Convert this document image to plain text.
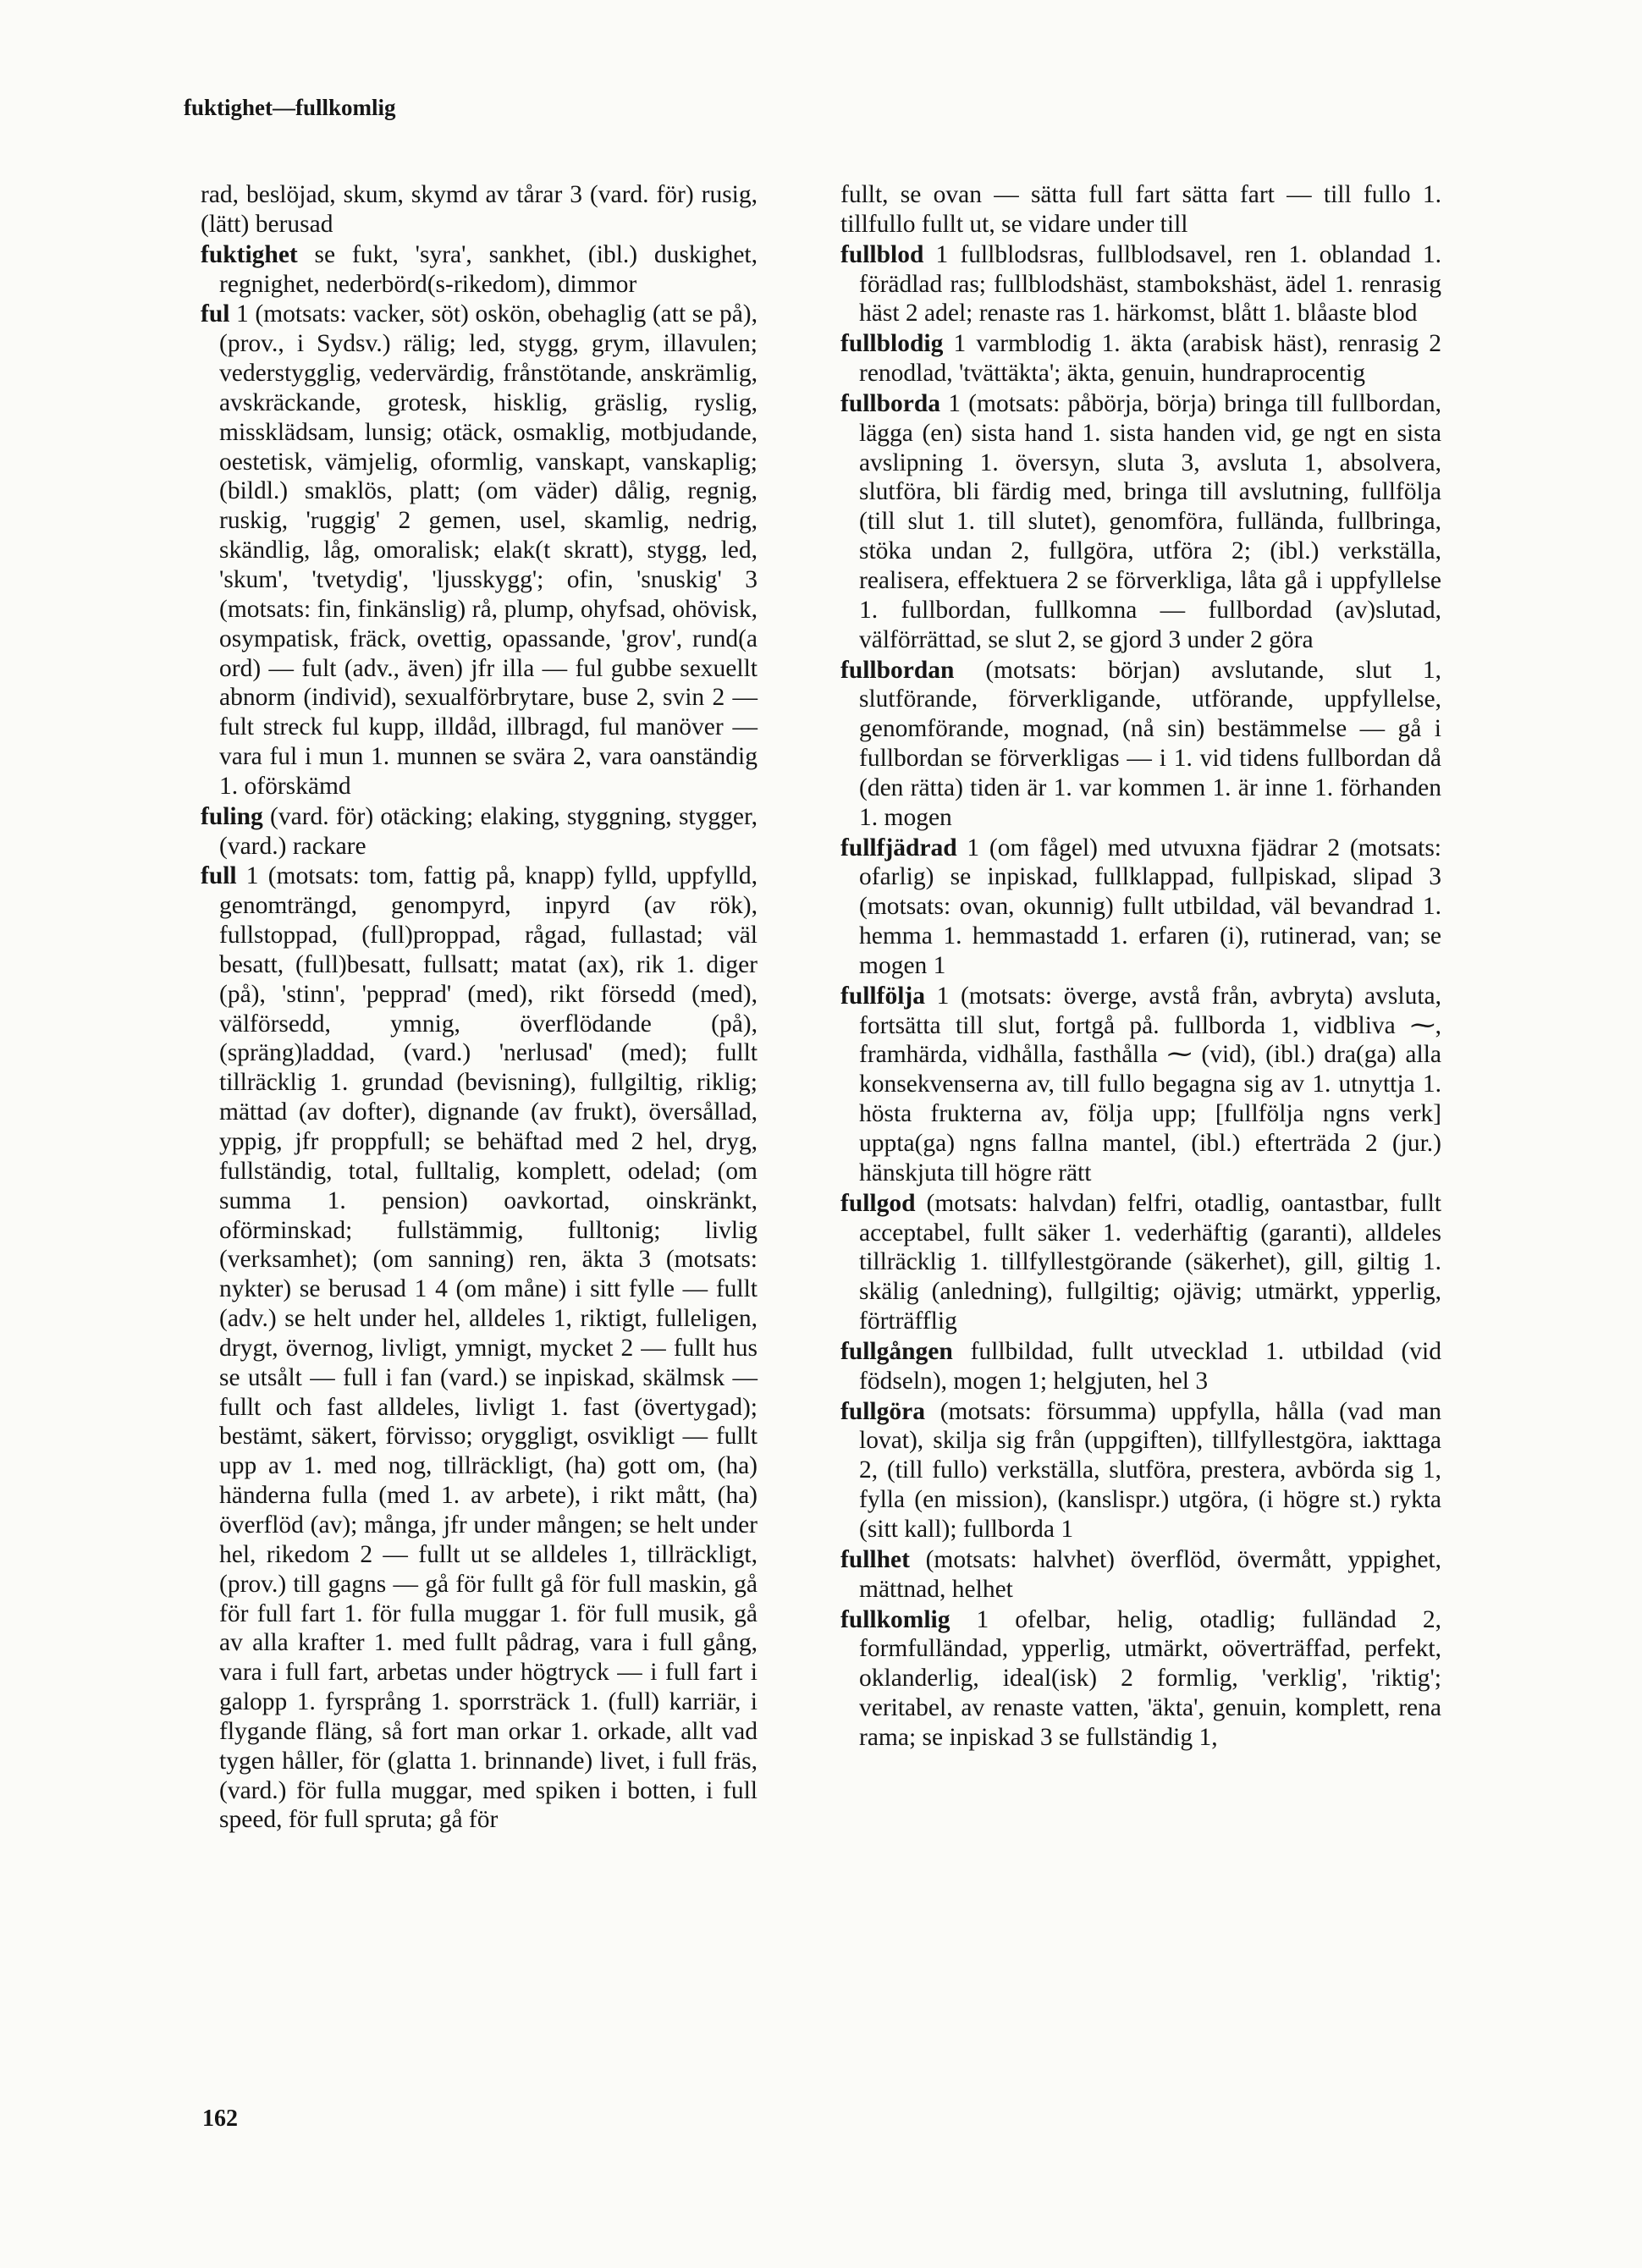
fuktighet—fullkomlig

rad, beslöjad, skum, skymd av tårar 3 (vard. för) rusig, (lätt) berusad

fuktighet se fukt, 'syra', sankhet, (ibl.) duskighet, regnighet, nederbörd(s-rikedom), dimmor

ful 1 (motsats: vacker, söt) oskön, obehaglig (att se på), (prov., i Sydsv.) rälig; led, stygg, grym, illavulen; vederstygglig, vedervärdig, frånstötande, anskrämlig, avskräckande, grotesk, hisklig, gräslig, ryslig, missklädsam, lunsig; otäck, osmaklig, motbjudande, oestetisk, vämjelig, oformlig, vanskapt, vanskaplig; (bildl.) smaklös, platt; (om väder) dålig, regnig, ruskig, 'ruggig' 2 gemen, usel, skamlig, nedrig, skändlig, låg, omoralisk; elak(t skratt), stygg, led, 'skum', 'tvetydig', 'ljusskygg'; ofin, 'snuskig' 3 (motsats: fin, finkänslig) rå, plump, ohyfsad, ohövisk, osympatisk, fräck, ovettig, opassande, 'grov', rund(a ord) — fult (adv., även) jfr illa — ful gubbe sexuellt abnorm (individ), sexualförbrytare, buse 2, svin 2 — fult streck ful kupp, illdåd, illbragd, ful manöver — vara ful i mun 1. munnen se svära 2, vara oanständig 1. oförskämd

fuling (vard. för) otäcking; elaking, styggning, stygger, (vard.) rackare

full 1 (motsats: tom, fattig på, knapp) fylld, uppfylld, genomträngd, genompyrd, inpyrd (av rök), fullstoppad, (full)proppad, rågad, fullastad; väl besatt, (full)besatt, fullsatt; matat (ax), rik 1. diger (på), 'stinn', 'pepprad' (med), rikt försedd (med), välförsedd, ymnig, överflödande (på), (spräng)laddad, (vard.) 'nerlusad' (med); fullt tillräcklig 1. grundad (bevisning), fullgiltig, riklig; mättad (av dofter), dignande (av frukt), översållad, yppig, jfr proppfull; se behäftad med 2 hel, dryg, fullständig, total, fulltalig, komplett, odelad; (om summa 1. pension) oavkortad, oinskränkt, oförminskad; fullstämmig, fulltonig; livlig (verksamhet); (om sanning) ren, äkta 3 (motsats: nykter) se berusad 1 4 (om måne) i sitt fylle — fullt (adv.) se helt under hel, alldeles 1, riktigt, fulleligen, drygt, övernog, livligt, ymnigt, mycket 2 — fullt hus se utsålt — full i fan (vard.) se inpiskad, skälmsk — fullt och fast alldeles, livligt 1. fast (övertygad); bestämt, säkert, förvisso; oryggligt, osvikligt — fullt upp av 1. med nog, tillräckligt, (ha) gott om, (ha) händerna fulla (med 1. av arbete), i rikt mått, (ha) överflöd (av); många, jfr under mången; se helt under hel, rikedom 2 — fullt ut se alldeles 1, tillräckligt, (prov.) till gagns — gå för fullt gå för full maskin, gå för full fart 1. för fulla muggar 1. för full musik, gå av alla krafter 1. med fullt pådrag, vara i full gång, vara i full fart, arbetas under högtryck — i full fart i galopp 1. fyrsprång 1. sporrsträck 1. (full) karriär, i flygande fläng, så fort man orkar 1. orkade, allt vad tygen håller, för (glatta 1. brinnande) livet, i full fräs, (vard.) för fulla muggar, med spiken i botten, i full speed, för full spruta; gå för

fullt, se ovan — sätta full fart sätta fart — till fullo 1. tillfullo fullt ut, se vidare under till

fullblod 1 fullblodsras, fullblodsavel, ren 1. oblandad 1. förädlad ras; fullblodshäst, stambokshäst, ädel 1. renrasig häst 2 adel; renaste ras 1. härkomst, blått 1. blåaste blod

fullblodig 1 varmblodig 1. äkta (arabisk häst), renrasig 2 renodlad, 'tvättäkta'; äkta, genuin, hundraprocentig

fullborda 1 (motsats: påbörja, börja) bringa till fullbordan, lägga (en) sista hand 1. sista handen vid, ge ngt en sista avslipning 1. översyn, sluta 3, avsluta 1, absolvera, slutföra, bli färdig med, bringa till avslutning, fullfölja (till slut 1. till slutet), genomföra, fullända, fullbringa, stöka undan 2, fullgöra, utföra 2; (ibl.) verkställa, realisera, effektuera 2 se förverkliga, låta gå i uppfyllelse 1. fullbordan, fullkomna — fullbordad (av)slutad, välförrättad, se slut 2, se gjord 3 under 2 göra

fullbordan (motsats: början) avslutande, slut 1, slutförande, förverkligande, utförande, uppfyllelse, genomförande, mognad, (nå sin) bestämmelse — gå i fullbordan se förverkligas — i 1. vid tidens fullbordan då (den rätta) tiden är 1. var kommen 1. är inne 1. förhanden 1. mogen

fullfjädrad 1 (om fågel) med utvuxna fjädrar 2 (motsats: ofarlig) se inpiskad, fullklappad, fullpiskad, slipad 3 (motsats: ovan, okunnig) fullt utbildad, väl bevandrad 1. hemma 1. hemmastadd 1. erfaren (i), rutinerad, van; se mogen 1

fullfölja 1 (motsats: överge, avstå från, avbryta) avsluta, fortsätta till slut, fortgå på. fullborda 1, vidbliva ⁓, framhärda, vidhålla, fasthålla ⁓ (vid), (ibl.) dra(ga) alla konsekvenserna av, till fullo begagna sig av 1. utnyttja 1. hösta frukterna av, följa upp; [fullfölja ngns verk] uppta(ga) ngns fallna mantel, (ibl.) efterträda 2 (jur.) hänskjuta till högre rätt

fullgod (motsats: halvdan) felfri, otadlig, oantastbar, fullt acceptabel, fullt säker 1. vederhäftig (garanti), alldeles tillräcklig 1. tillfyllestgörande (säkerhet), gill, giltig 1. skälig (anledning), fullgiltig; ojävig; utmärkt, ypperlig, förträfflig

fullgången fullbildad, fullt utvecklad 1. utbildad (vid födseln), mogen 1; helgjuten, hel 3

fullgöra (motsats: försumma) uppfylla, hålla (vad man lovat), skilja sig från (uppgiften), tillfyllestgöra, iakttaga 2, (till fullo) verkställa, slutföra, prestera, avbörda sig 1, fylla (en mission), (kanslispr.) utgöra, (i högre st.) rykta (sitt kall); fullborda 1

fullhet (motsats: halvhet) överflöd, övermått, yppighet, mättnad, helhet

fullkomlig 1 ofelbar, helig, otadlig; fulländad 2, formfulländad, ypperlig, utmärkt, oöverträffad, perfekt, oklanderlig, ideal(isk) 2 formlig, 'verklig', 'riktig'; veritabel, av renaste vatten, 'äkta', genuin, komplett, rena rama; se inpiskad 3 se fullständig 1,

162
